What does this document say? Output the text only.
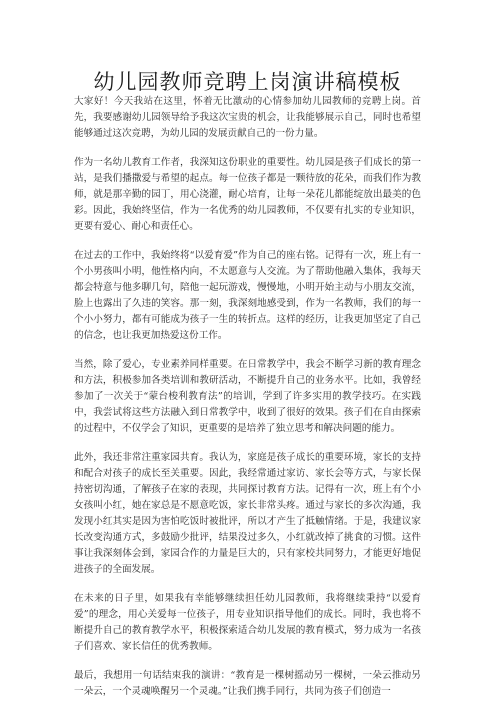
幼儿园教师竞聘上岗演讲稿模板

大家好！今天我站在这里，怀着无比激动的心情参加幼儿园教师的竞聘上岗。首先，我要感谢幼儿园领导给予我这次宝贵的机会，让我能够展示自己，同时也希望能够通过这次竞聘，为幼儿园的发展贡献自己的一份力量。

作为一名幼儿教育工作者，我深知这份职业的重要性。幼儿园是孩子们成长的第一站，是我们播撒爱与希望的起点。每一位孩子都是一颗待放的花朵，而我们作为教师，就是那辛勤的园丁，用心浇灌，耐心培育，让每一朵花儿都能绽放出最美的色彩。因此，我始终坚信，作为一名优秀的幼儿园教师，不仅要有扎实的专业知识，更要有爱心、耐心和责任心。

在过去的工作中，我始终将“以爱育爱”作为自己的座右铭。记得有一次，班上有一个小男孩叫小明，他性格内向，不太愿意与人交流。为了帮助他融入集体，我每天都会特意与他多聊几句，陪他一起玩游戏，慢慢地，小明开始主动与小朋友交流，脸上也露出了久违的笑容。那一刻，我深刻地感受到，作为一名教师，我们的每一个小小努力，都有可能成为孩子一生的转折点。这样的经历，让我更加坚定了自己的信念，也让我更加热爱这份工作。

当然，除了爱心，专业素养同样重要。在日常教学中，我会不断学习新的教育理念和方法，积极参加各类培训和教研活动，不断提升自己的业务水平。比如，我曾经参加了一次关于“蒙台梭利教育法”的培训，学到了许多实用的教学技巧。在实践中，我尝试将这些方法融入到日常教学中，收到了很好的效果。孩子们在自由探索的过程中，不仅学会了知识，更重要的是培养了独立思考和解决问题的能力。

此外，我还非常注重家园共育。我认为，家庭是孩子成长的重要环境，家长的支持和配合对孩子的成长至关重要。因此，我经常通过家访、家长会等方式，与家长保持密切沟通，了解孩子在家的表现，共同探讨教育方法。记得有一次，班上有个小女孩叫小红，她在家总是不愿意吃饭，家长非常头疼。通过与家长的多次沟通，我发现小红其实是因为害怕吃饭时被批评，所以才产生了抵触情绪。于是，我建议家长改变沟通方式，多鼓励少批评，结果没过多久，小红就改掉了挑食的习惯。这件事让我深刻体会到，家园合作的力量是巨大的，只有家校共同努力，才能更好地促进孩子的全面发展。

在未来的日子里，如果我有幸能够继续担任幼儿园教师，我将继续秉持“以爱育爱”的理念，用心关爱每一位孩子，用专业知识指导他们的成长。同时，我也将不断提升自己的教育教学水平，积极探索适合幼儿发展的教育模式，努力成为一名孩子们喜欢、家长信任的优秀教师。

最后，我想用一句话结束我的演讲：“教育是一棵树摇动另一棵树，一朵云推动另一朵云，一个灵魂唤醒另一个灵魂。”让我们携手同行，共同为孩子们创造一
